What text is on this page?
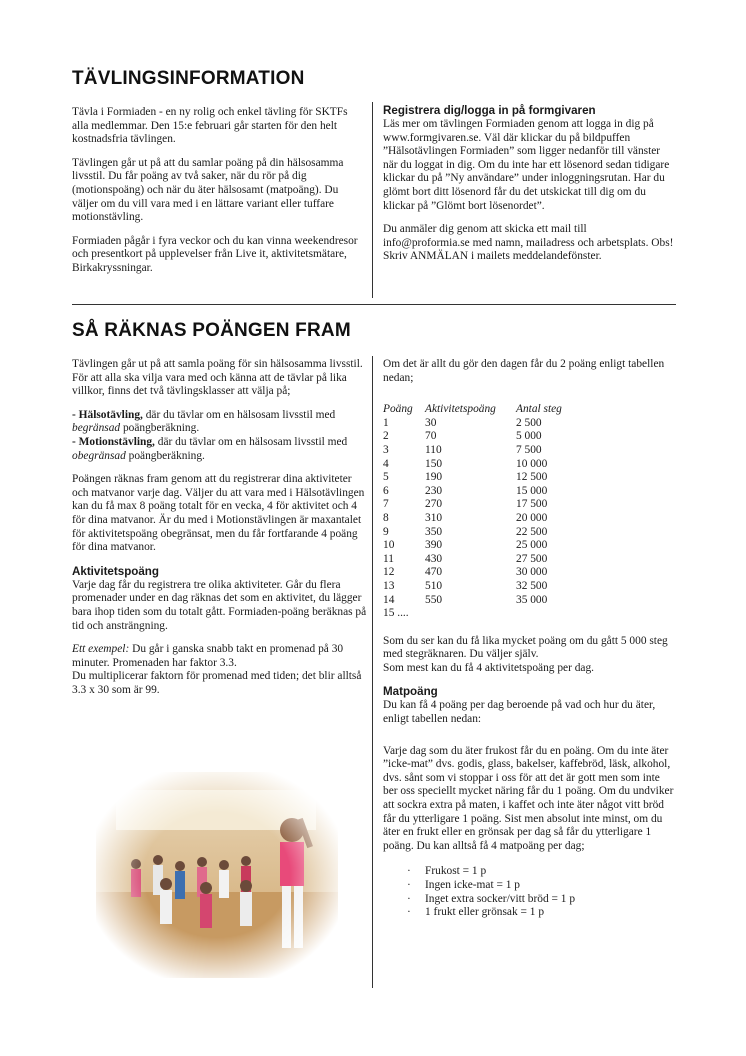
TÄVLINGSINFORMATION

Tävla i Formiaden - en ny rolig och enkel tävling för SKTFs alla medlemmar. Den 15:e februari går starten för den helt kostnadsfria tävlingen.

Tävlingen går ut på att du samlar poäng på din hälsosamma livsstil. Du får poäng av två saker, när du rör på dig (motionspoäng) och när du äter hälsosamt (matpoäng). Du väljer om du vill vara med i en lättare variant eller tuffare motionstävling.

Formiaden pågår i fyra veckor och du kan vinna weekendresor och presentkort på upplevelser från Live it, aktivitetsmätare, Birkakryssningar.

Registrera dig/logga in på formgivaren

Läs mer om tävlingen Formiaden genom att logga in dig på www.formgivaren.se. Väl där klickar du på bildpuffen ”Hälsotävlingen Formiaden” som ligger nedanför till vänster när du loggat in dig. Om du inte har ett lösenord sedan tidigare klickar du på ”Ny användare” under inloggningsrutan. Har du glömt bort ditt lösenord får du det utskickat till dig om du klickar på ”Glömt bort lösenordet”.

Du anmäler dig genom att skicka ett mail till info@proformia.se med namn, mailadress och arbetsplats. Obs! Skriv ANMÄLAN i mailets meddelandefönster.

SÅ RÄKNAS POÄNGEN FRAM

Tävlingen går ut på att samla poäng för sin hälsosamma livsstil. För att alla ska vilja vara med och känna att de tävlar på lika villkor, finns det två tävlingsklasser att välja på;

- Hälsotävling, där du tävlar om en hälsosam livsstil med begränsad poängberäkning.
- Motionstävling, där du tävlar om en hälsosam livsstil med obegränsad poängberäkning.

Poängen räknas fram genom att du registrerar dina aktiviteter och matvanor varje dag. Väljer du att vara med i Hälsotävlingen kan du få max 8 poäng totalt för en vecka, 4 för aktivitet och 4 för dina matvanor. Är du med i Motionstävlingen är maxantalet för aktivitetspoäng obegränsat, men du får fortfarande 4 poäng för dina matvanor.

Aktivitetspoäng

Varje dag får du registrera tre olika aktiviteter. Går du flera promenader under en dag räknas det som en aktivitet, du lägger bara ihop tiden som du totalt gått. Formiaden-poäng beräknas på tid och ansträngning.

Ett exempel: Du går i ganska snabb takt en promenad på 30 minuter. Promenaden har faktor 3.3.
Du multiplicerar faktorn för promenad med tiden; det blir alltså 3.3 x 30 som är 99.

Om det är allt du gör den dagen får du 2 poäng enligt tabellen nedan;

Poäng	Aktivitetspoäng	Antal steg
1	30	2 500
2	70	5 000
3	110	7 500
4	150	10 000
5	190	12 500
6	230	15 000
7	270	17 500
8	310	20 000
9	350	22 500
10	390	25 000
11	430	27 500
12	470	30 000
13	510	32 500
14	550	35 000
15 ....		

Som du ser kan du få lika mycket poäng om du gått 5 000 steg med stegräknaren. Du väljer själv.
Som mest kan du få 4 aktivitetspoäng per dag.

Matpoäng

Du kan få 4 poäng per dag beroende på vad och hur du äter, enligt tabellen nedan:

Varje dag som du äter frukost får du en poäng. Om du inte äter ”icke-mat” dvs. godis, glass, bakelser, kaffebröd, läsk, alkohol, dvs. sånt som vi stoppar i oss för att det är gott men som inte ber oss speciellt mycket näring får du 1 poäng. Om du undviker att sockra extra på maten, i kaffet och inte äter något vitt bröd får du ytterligare 1 poäng. Sist men absolut inte minst, om du äter en frukt eller en grönsak per dag så får du ytterligare 1 poäng. Du kan alltså få 4 matpoäng per dag;

· Frukost = 1 p
· Ingen icke-mat = 1 p
· Inget extra socker/vitt bröd = 1 p
· 1 frukt eller grönsak = 1 p
